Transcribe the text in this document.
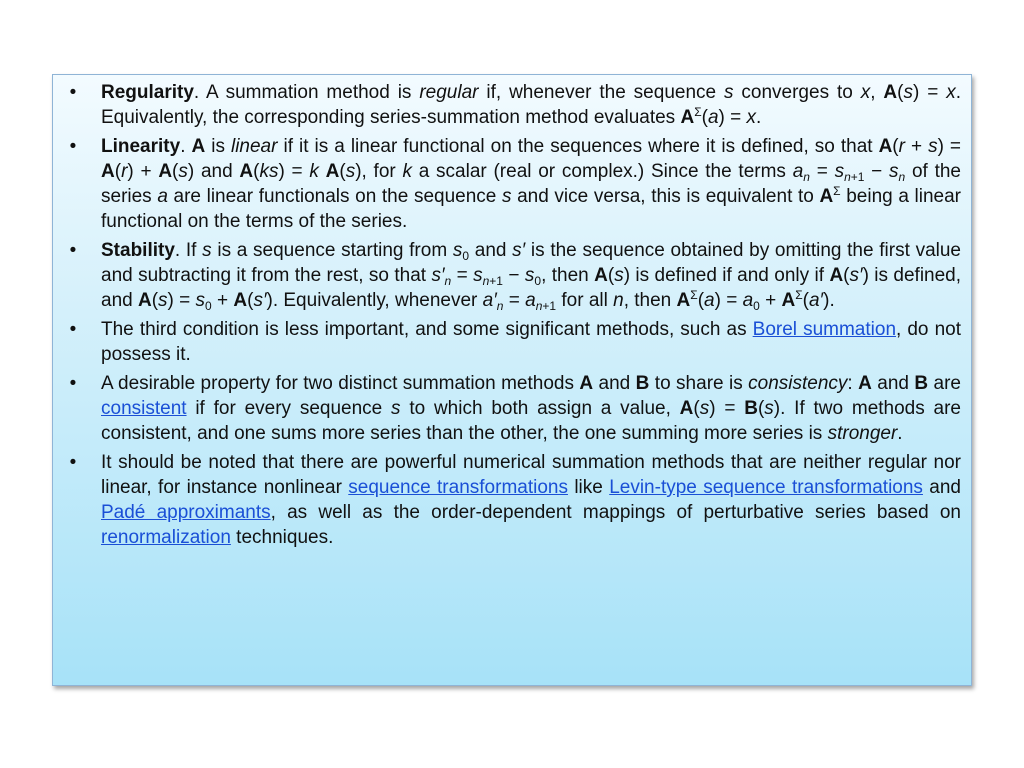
•	Regularity. A summation method is regular if, whenever the sequence s converges to x, A(s) = x. Equivalently, the corresponding series-summation method evaluates $A^\Sigma(a) = x$.
•	Linearity. A is linear if it is a linear functional on the sequences where it is defined, so that A(r + s) = A(r) + A(s) and A(ks) = k A(s), for k a scalar (real or complex.) Since the terms $a_n = s_{n+1} - s_n$ of the series a are linear functionals on the sequence s and vice versa, this is equivalent to $A^\Sigma$ being a linear functional on the terms of the series.
•	Stability. If s is a sequence starting from $s_0$ and s′ is the sequence obtained by omitting the first value and subtracting it from the rest, so that $s'_n = s_{n+1} - s_0$, then A(s) is defined if and only if A(s′) is defined, and $A(s) = s_0 + A(s')$. Equivalently, whenever $a'_n = a_{n+1}$ for all n, then $A^\Sigma(a) = a_0 + A^\Sigma(a')$.
•	The third condition is less important, and some significant methods, such as Borel summation, do not possess it.
•	A desirable property for two distinct summation methods A and B to share is consistency: A and B are consistent if for every sequence s to which both assign a value, A(s) = B(s). If two methods are consistent, and one sums more series than the other, the one summing more series is stronger.
•	It should be noted that there are powerful numerical summation methods that are neither regular nor linear, for instance nonlinear sequence transformations like Levin-type sequence transformations and Padé approximants, as well as the order-dependent mappings of perturbative series based on renormalization techniques.
